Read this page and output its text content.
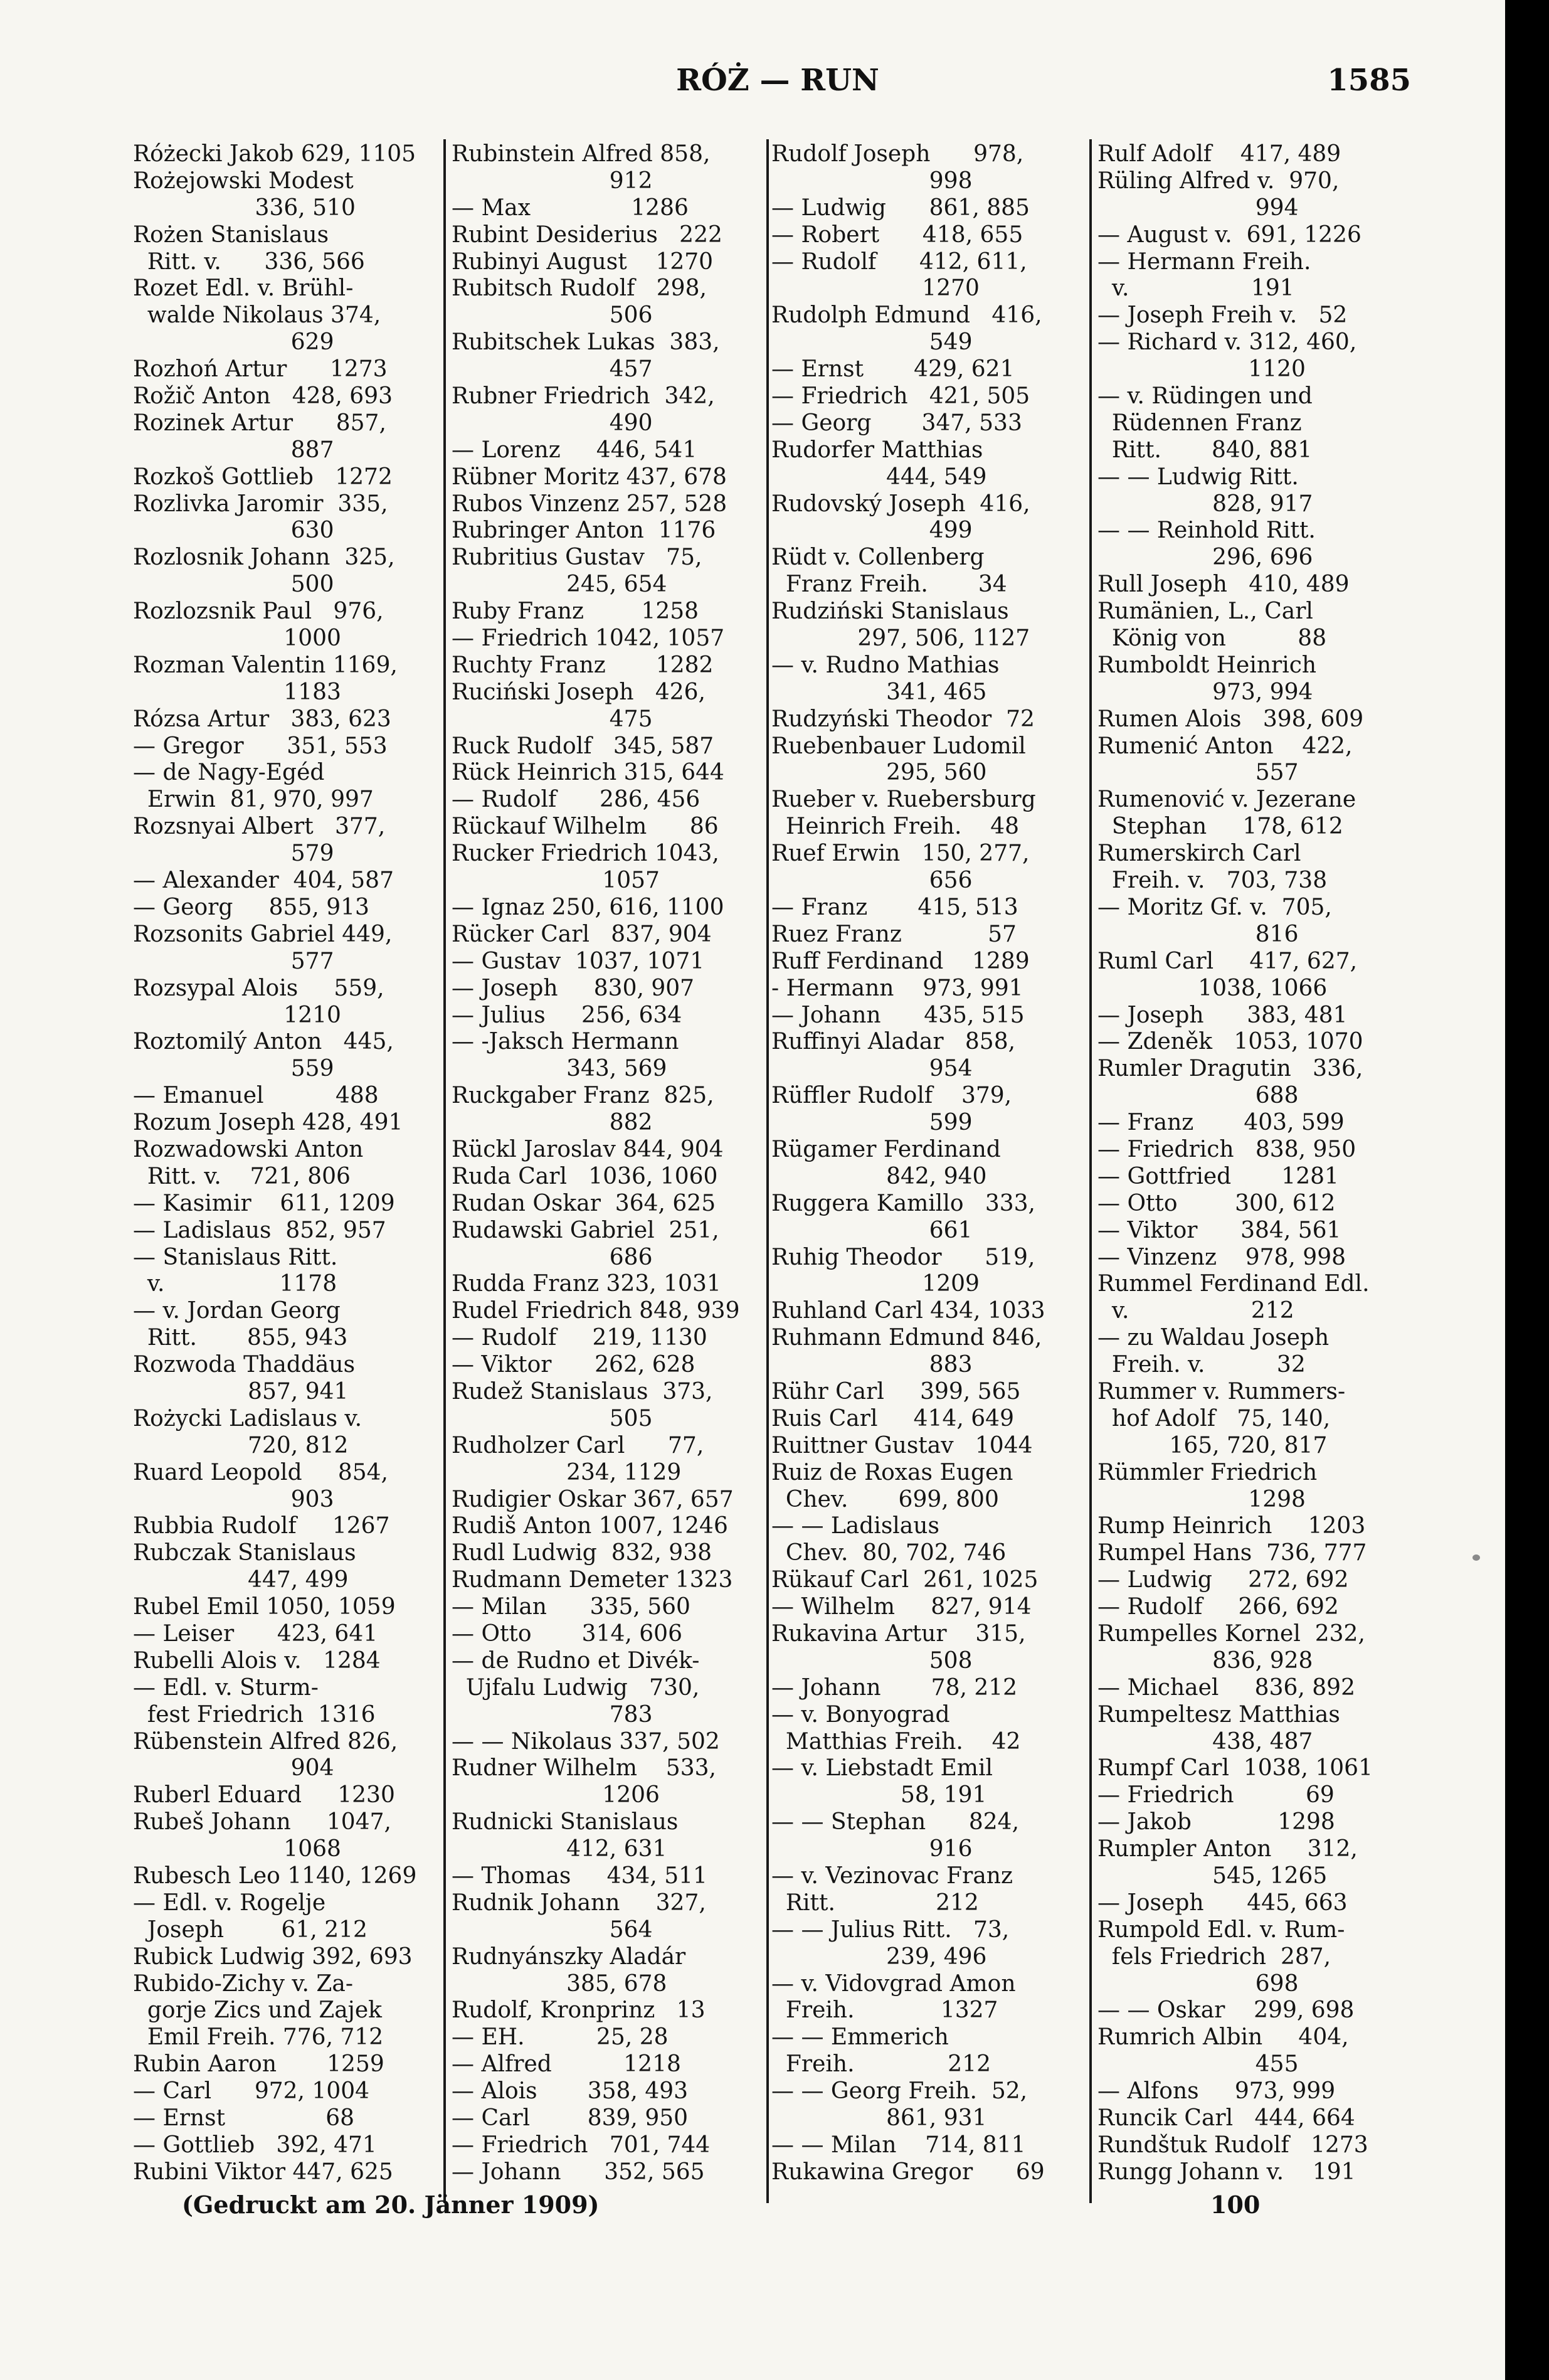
RÓŻ — RUN	1585
Różecki Jakob 629, 1105
Rożejowski Modest
336, 510
Rożen Stanislaus
Ritt. v.      336, 566
Rozet Edl. v. Brühl-
walde Nikolaus 374,
629
Rozhoń Artur      1273
Rožič Anton   428, 693
Rozinek Artur      857,
887
Rozkoš Gottlieb   1272
Rozlivka Jaromir  335,
630
Rozlosnik Johann  325,
500
Rozlozsnik Paul   976,
1000
Rozman Valentin 1169,
1183
Rózsa Artur   383, 623
— Gregor      351, 553
— de Nagy-Egéd
Erwin  81, 970, 997
Rozsnyai Albert   377,
579
— Alexander  404, 587
— Georg     855, 913
Rozsonits Gabriel 449,
577
Rozsypal Alois     559,
1210
Roztomilý Anton   445,
559
— Emanuel          488
Rozum Joseph 428, 491
Rozwadowski Anton
Ritt. v.    721, 806
— Kasimir    611, 1209
— Ladislaus  852, 957
— Stanislaus Ritt.
v.                1178
— v. Jordan Georg
Ritt.       855, 943
Rozwoda Thaddäus
857, 941
Rożycki Ladislaus v.
720, 812
Ruard Leopold     854,
903
Rubbia Rudolf     1267
Rubczak Stanislaus
447, 499
Rubel Emil 1050, 1059
— Leiser      423, 641
Rubelli Alois v.   1284
— Edl. v. Sturm-
fest Friedrich  1316
Rübenstein Alfred 826,
904
Ruberl Eduard     1230
Rubeš Johann     1047,
1068
Rubesch Leo 1140, 1269
— Edl. v. Rogelje
Joseph        61, 212
Rubick Ludwig 392, 693
Rubido-Zichy v. Za-
gorje Zics und Zajek
Emil Freih. 776, 712
Rubin Aaron       1259
— Carl      972, 1004
— Ernst              68
— Gottlieb   392, 471
Rubini Viktor 447, 625
Rubinstein Alfred 858,
912
— Max              1286
Rubint Desiderius   222
Rubinyi August    1270
Rubitsch Rudolf   298,
506
Rubitschek Lukas  383,
457
Rubner Friedrich  342,
490
— Lorenz     446, 541
Rübner Moritz 437, 678
Rubos Vinzenz 257, 528
Rubringer Anton  1176
Rubritius Gustav   75,
245, 654
Ruby Franz        1258
— Friedrich 1042, 1057
Ruchty Franz       1282
Ruciński Joseph   426,
475
Ruck Rudolf   345, 587
Rück Heinrich 315, 644
— Rudolf      286, 456
Rückauf Wilhelm      86
Rucker Friedrich 1043,
1057
— Ignaz 250, 616, 1100
Rücker Carl   837, 904
— Gustav  1037, 1071
— Joseph     830, 907
— Julius     256, 634
— -Jaksch Hermann
343, 569
Ruckgaber Franz  825,
882
Rückl Jaroslav 844, 904
Ruda Carl   1036, 1060
Rudan Oskar  364, 625
Rudawski Gabriel  251,
686
Rudda Franz 323, 1031
Rudel Friedrich 848, 939
— Rudolf     219, 1130
— Viktor      262, 628
Rudež Stanislaus  373,
505
Rudholzer Carl      77,
234, 1129
Rudigier Oskar 367, 657
Rudiš Anton 1007, 1246
Rudl Ludwig  832, 938
Rudmann Demeter 1323
— Milan      335, 560
— Otto       314, 606
— de Rudno et Divék-
Ujfalu Ludwig   730,
783
— — Nikolaus 337, 502
Rudner Wilhelm    533,
1206
Rudnicki Stanislaus
412, 631
— Thomas     434, 511
Rudnik Johann     327,
564
Rudnyánszky Aladár
385, 678
Rudolf, Kronprinz   13
— EH.          25, 28
— Alfred          1218
— Alois       358, 493
— Carl        839, 950
— Friedrich   701, 744
— Johann      352, 565
Rudolf Joseph      978,
998
— Ludwig      861, 885
— Robert      418, 655
— Rudolf      412, 611,
1270
Rudolph Edmund   416,
549
— Ernst       429, 621
— Friedrich   421, 505
— Georg       347, 533
Rudorfer Matthias
444, 549
Rudovský Joseph  416,
499
Rüdt v. Collenberg
Franz Freih.       34
Rudziński Stanislaus
297, 506, 1127
— v. Rudno Mathias
341, 465
Rudzyński Theodor  72
Ruebenbauer Ludomil
295, 560
Rueber v. Ruebersburg
Heinrich Freih.    48
Ruef Erwin   150, 277,
656
— Franz       415, 513
Ruez Franz            57
Ruff Ferdinand    1289
- Hermann    973, 991
— Johann      435, 515
Ruffinyi Aladar   858,
954
Rüffler Rudolf    379,
599
Rügamer Ferdinand
842, 940
Ruggera Kamillo   333,
661
Ruhig Theodor      519,
1209
Ruhland Carl 434, 1033
Ruhmann Edmund 846,
883
Rühr Carl     399, 565
Ruis Carl     414, 649
Ruittner Gustav   1044
Ruiz de Roxas Eugen
Chev.       699, 800
— — Ladislaus
Chev.  80, 702, 746
Rükauf Carl  261, 1025
— Wilhelm     827, 914
Rukavina Artur    315,
508
— Johann       78, 212
— v. Bonyograd
Matthias Freih.    42
— v. Liebstadt Emil
58, 191
— — Stephan      824,
916
— v. Vezinovac Franz
Ritt.              212
— — Julius Ritt.   73,
239, 496
— v. Vidovgrad Amon
Freih.            1327
— — Emmerich
Freih.             212
— — Georg Freih.  52,
861, 931
— — Milan    714, 811
Rukawina Gregor      69
Rulf Adolf    417, 489
Rüling Alfred v.  970,
994
— August v.  691, 1226
— Hermann Freih.
v.                 191
— Joseph Freih v.   52
— Richard v. 312, 460,
1120
— v. Rüdingen und
Rüdennen Franz
Ritt.       840, 881
— — Ludwig Ritt.
828, 917
— — Reinhold Ritt.
296, 696
Rull Joseph   410, 489
Rumänien, L., Carl
König von          88
Rumboldt Heinrich
973, 994
Rumen Alois   398, 609
Rumenić Anton    422,
557
Rumenović v. Jezerane
Stephan     178, 612
Rumerskirch Carl
Freih. v.   703, 738
— Moritz Gf. v.  705,
816
Ruml Carl     417, 627,
1038, 1066
— Joseph      383, 481
— Zdeněk   1053, 1070
Rumler Dragutin   336,
688
— Franz       403, 599
— Friedrich   838, 950
— Gottfried       1281
— Otto        300, 612
— Viktor      384, 561
— Vinzenz    978, 998
Rummel Ferdinand Edl.
v.                 212
— zu Waldau Joseph
Freih. v.          32
Rummer v. Rummers-
hof Adolf   75, 140,
165, 720, 817
Rümmler Friedrich
1298
Rump Heinrich     1203
Rumpel Hans  736, 777
— Ludwig     272, 692
— Rudolf     266, 692
Rumpelles Kornel  232,
836, 928
— Michael     836, 892
Rumpeltesz Matthias
438, 487
Rumpf Carl  1038, 1061
— Friedrich          69
— Jakob            1298
Rumpler Anton     312,
545, 1265
— Joseph      445, 663
Rumpold Edl. v. Rum-
fels Friedrich  287,
698
— — Oskar    299, 698
Rumrich Albin     404,
455
— Alfons     973, 999
Runcik Carl   444, 664
Rundštuk Rudolf   1273
Rungg Johann v.    191
(Gedruckt am 20. Jänner 1909)	100
